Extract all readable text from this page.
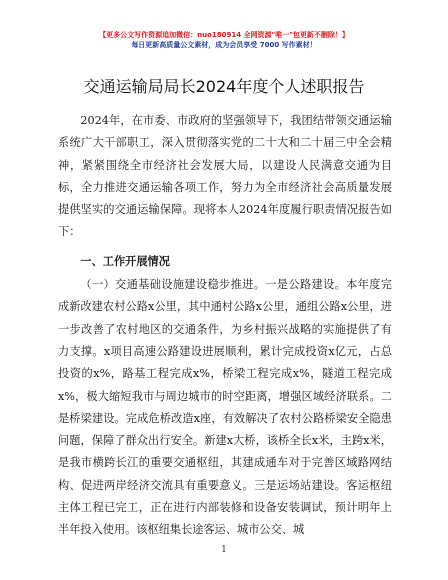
【更多公文写作资源追加微信：nuo180914 全网资源"唯一"包更新不删除！】
每日更新高质量公文素材，成为会员享受 7000 写作素材！
交通运输局局长2024年度个人述职报告

2024年，在市委、市政府的坚强领导下，我团结带领交通运输系统广大干部职工，深入贯彻落实党的二十大和二十届三中全会精神，紧紧围绕全市经济社会发展大局，以建设人民满意交通为目标，全力推进交通运输各项工作，努力为全市经济社会高质量发展提供坚实的交通运输保障。现将本人2024年度履行职责情况报告如下：

一、工作开展情况

（一）交通基础设施建设稳步推进。一是公路建设。本年度完成新改建农村公路x公里，其中通村公路x公里，通组公路x公里，进一步改善了农村地区的交通条件，为乡村振兴战略的实施提供了有力支撑。x项目高速公路建设进展顺利，累计完成投资x亿元，占总投资的x%，路基工程完成x%，桥梁工程完成x%，隧道工程完成x%，极大缩短我市与周边城市的时空距离，增强区域经济联系。二是桥梁建设。完成危桥改造x座，有效解决了农村公路桥梁安全隐患问题，保障了群众出行安全。新建x大桥，该桥全长x米，主跨x米，是我市横跨长江的重要交通枢纽，其建成通车对于完善区域路网结构、促进两岸经济交流具有重要意义。三是运场站建设。客运枢纽主体工程已完工，正在进行内部装修和设备安装调试，预计明年上半年投入使用。该枢纽集长途客运、城市公交、城

1
